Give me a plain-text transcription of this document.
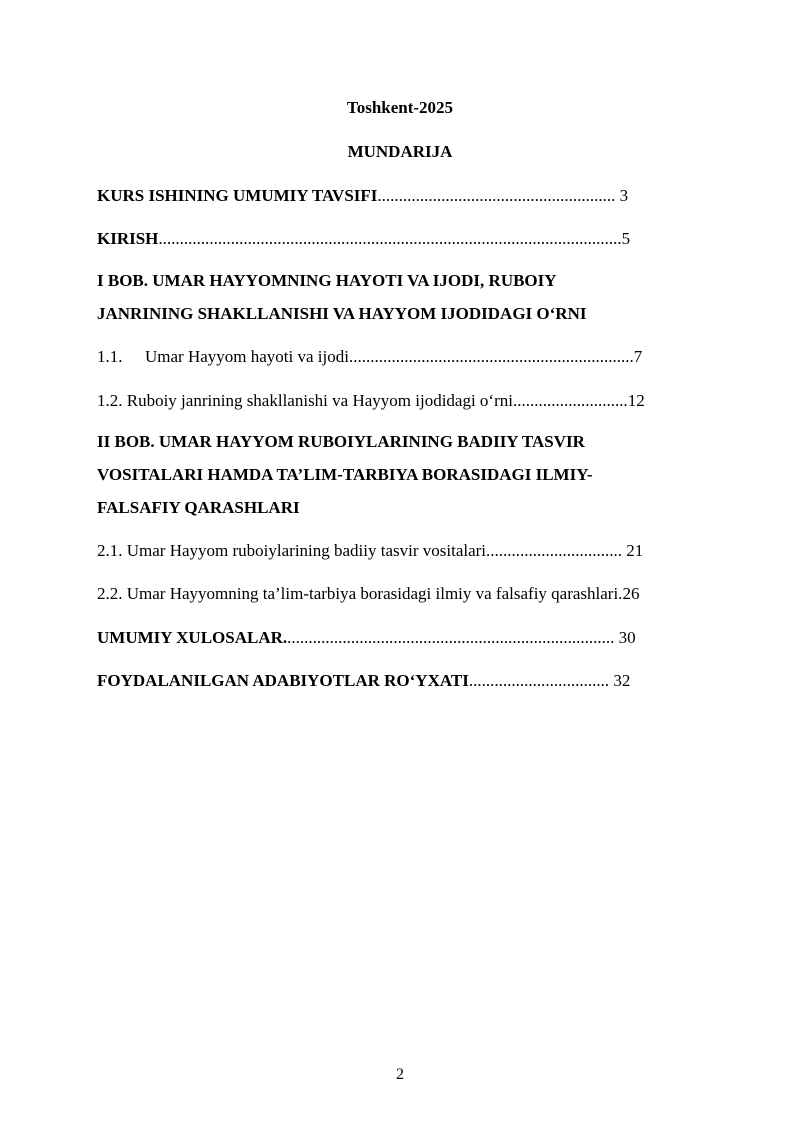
Toshkent-2025
MUNDARIJA
KURS ISHINING UMUMIY TAVSIFI........................................................ 3
KIRISH.............................................................................................................5
I BOB. UMAR HAYYOMNING HAYOTI VA IJODI, RUBOIY
JANRINING SHAKLLANISHI VA HAYYOM IJODIDAGI O‘RNI
1.1. Umar Hayyom hayoti va ijodi...................................................................7
1.2. Ruboiy janrining shakllanishi va Hayyom ijodidagi o‘rni...........................12
II BOB. UMAR HAYYOM RUBOIYLARINING BADIIY TASVIR
VOSITALARI HAMDA TA’LIM-TARBIYA BORASIDAGI ILMIY-
FALSAFIY QARASHLARI
2.1. Umar Hayyom ruboiylarining badiiy tasvir vositalari................................ 21
2.2. Umar Hayyomning ta’lim-tarbiya borasidagi ilmiy va falsafiy qarashlari.26
UMUMIY XULOSALAR.............................................................................. 30
FOYDALANILGAN ADABIYOTLAR RO‘YXATI................................. 32
2
